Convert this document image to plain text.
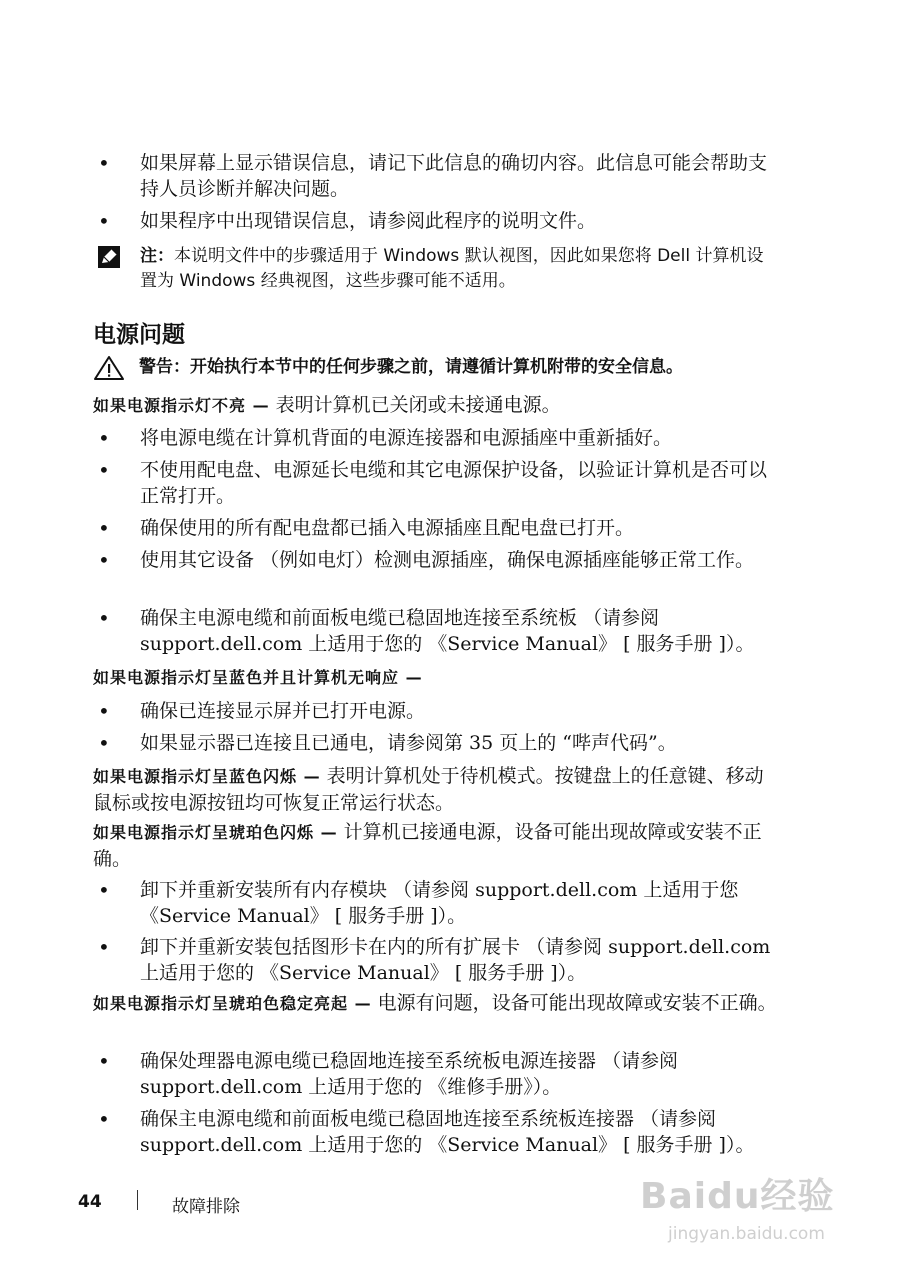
•	如果屏幕上显示错误信息，请记下此信息的确切内容。此信息可能会帮助支持人员诊断并解决问题。
•	如果程序中出现错误信息，请参阅此程序的说明文件。
注：本说明文件中的步骤适用于 Windows 默认视图，因此如果您将 Dell 计算机设置为 Windows 经典视图，这些步骤可能不适用。
电源问题
警告：开始执行本节中的任何步骤之前，请遵循计算机附带的安全信息。
如果电源指示灯不亮 — 表明计算机已关闭或未接通电源。
•	将电源电缆在计算机背面的电源连接器和电源插座中重新插好。
•	不使用配电盘、电源延长电缆和其它电源保护设备，以验证计算机是否可以正常打开。
•	确保使用的所有配电盘都已插入电源插座且配电盘已打开。
•	使用其它设备 （例如电灯）检测电源插座，确保电源插座能够正常工作。
•	确保主电源电缆和前面板电缆已稳固地连接至系统板 （请参阅 support.dell.com 上适用于您的 《Service Manual》 [ 服务手册 ]）。
如果电源指示灯呈蓝色并且计算机无响应 —
•	确保已连接显示屏并已打开电源。
•	如果显示器已连接且已通电，请参阅第 35 页上的 “哔声代码”。
如果电源指示灯呈蓝色闪烁 — 表明计算机处于待机模式。按键盘上的任意键、移动鼠标或按电源按钮均可恢复正常运行状态。
如果电源指示灯呈琥珀色闪烁 — 计算机已接通电源，设备可能出现故障或安装不正确。
•	卸下并重新安装所有内存模块 （请参阅 support.dell.com 上适用于您 《Service Manual》 [ 服务手册 ]）。
•	卸下并重新安装包括图形卡在内的所有扩展卡 （请参阅 support.dell.com 上适用于您的 《Service Manual》 [ 服务手册 ]）。
如果电源指示灯呈琥珀色稳定亮起 — 电源有问题，设备可能出现故障或安装不正确。
•	确保处理器电源电缆已稳固地连接至系统板电源连接器 （请参阅 support.dell.com 上适用于您的 《维修手册》）。
•	确保主电源电缆和前面板电缆已稳固地连接至系统板连接器 （请参阅 support.dell.com 上适用于您的 《Service Manual》 [ 服务手册 ]）。
44	故障排除	Baidu经验
jingyan.baidu.com
